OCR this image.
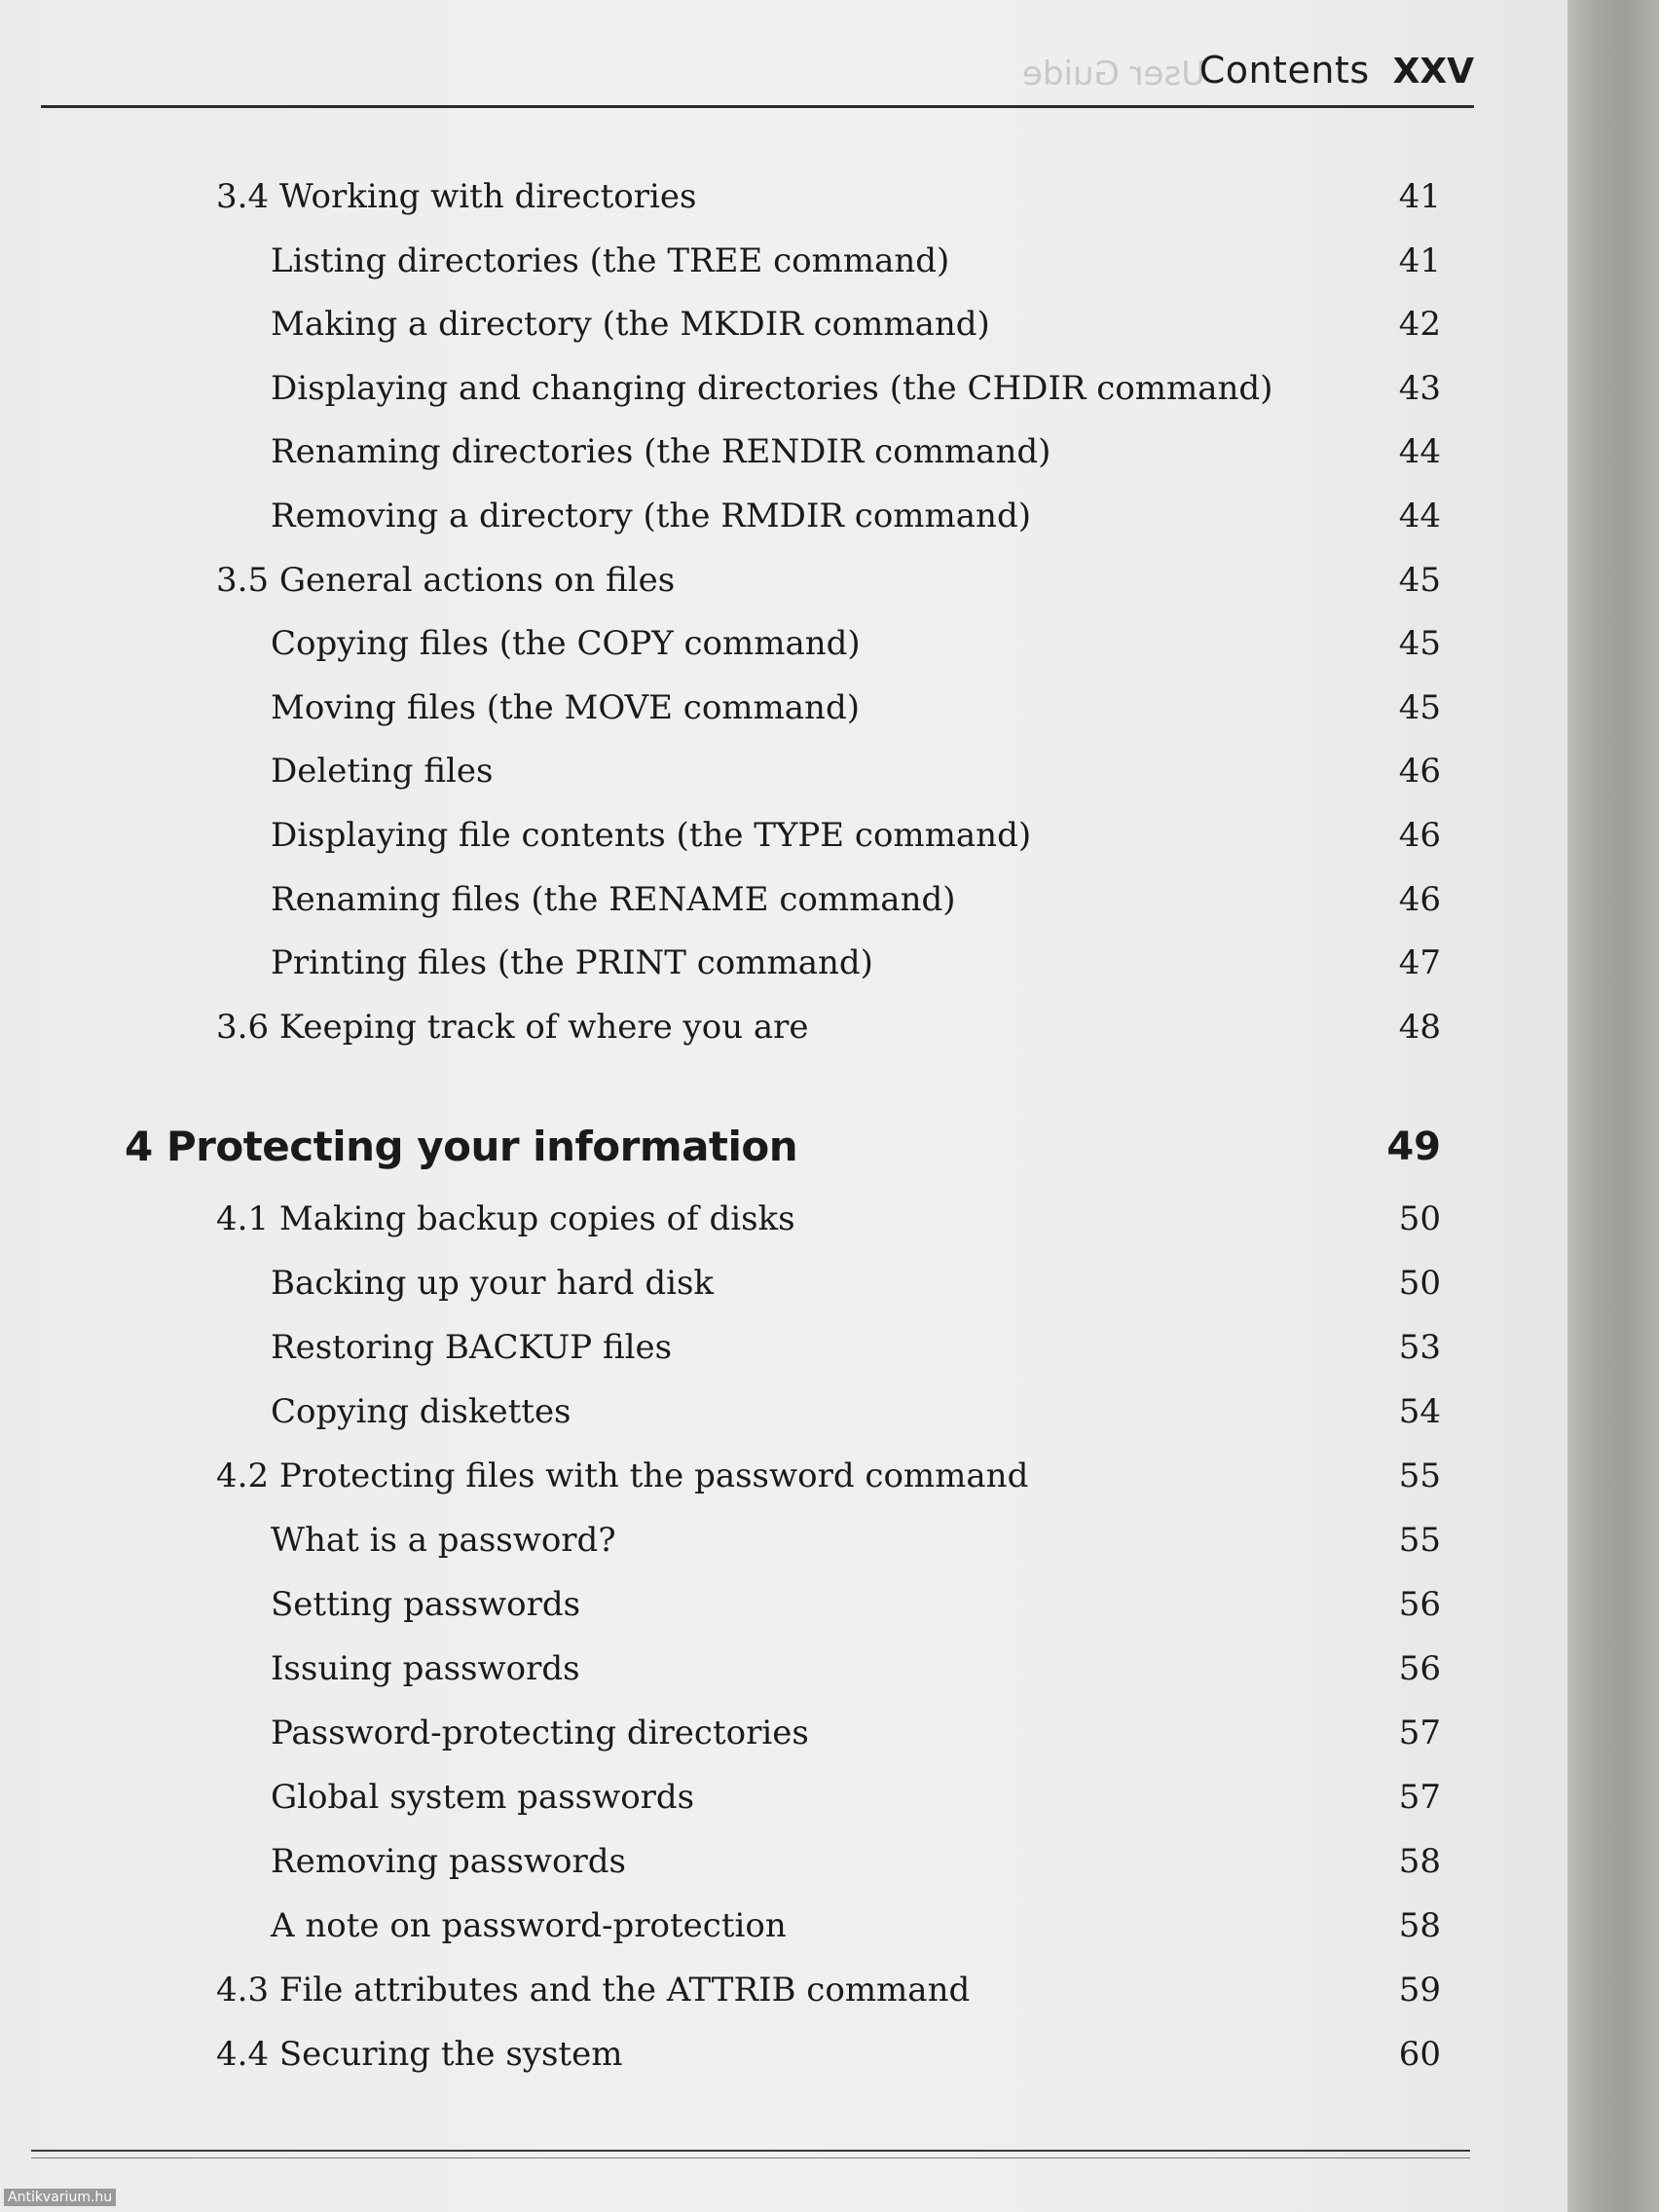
User Guide
Contents XXV
3.4 Working with directories	41
Listing directories (the TREE command)	41
Making a directory (the MKDIR command)	42
Displaying and changing directories (the CHDIR command)	43
Renaming directories (the RENDIR command)	44
Removing a directory (the RMDIR command)	44
3.5 General actions on files	45
Copying files (the COPY command)	45
Moving files (the MOVE command)	45
Deleting files	46
Displaying file contents (the TYPE command)	46
Renaming files (the RENAME command)	46
Printing files (the PRINT command)	47
3.6 Keeping track of where you are	48
4 Protecting your information	49
4.1 Making backup copies of disks	50
Backing up your hard disk	50
Restoring BACKUP files	53
Copying diskettes	54
4.2 Protecting files with the password command	55
What is a password?	55
Setting passwords	56
Issuing passwords	56
Password-protecting directories	57
Global system passwords	57
Removing passwords	58
A note on password-protection	58
4.3 File attributes and the ATTRIB command	59
4.4 Securing the system	60
Antikvarium.hu
